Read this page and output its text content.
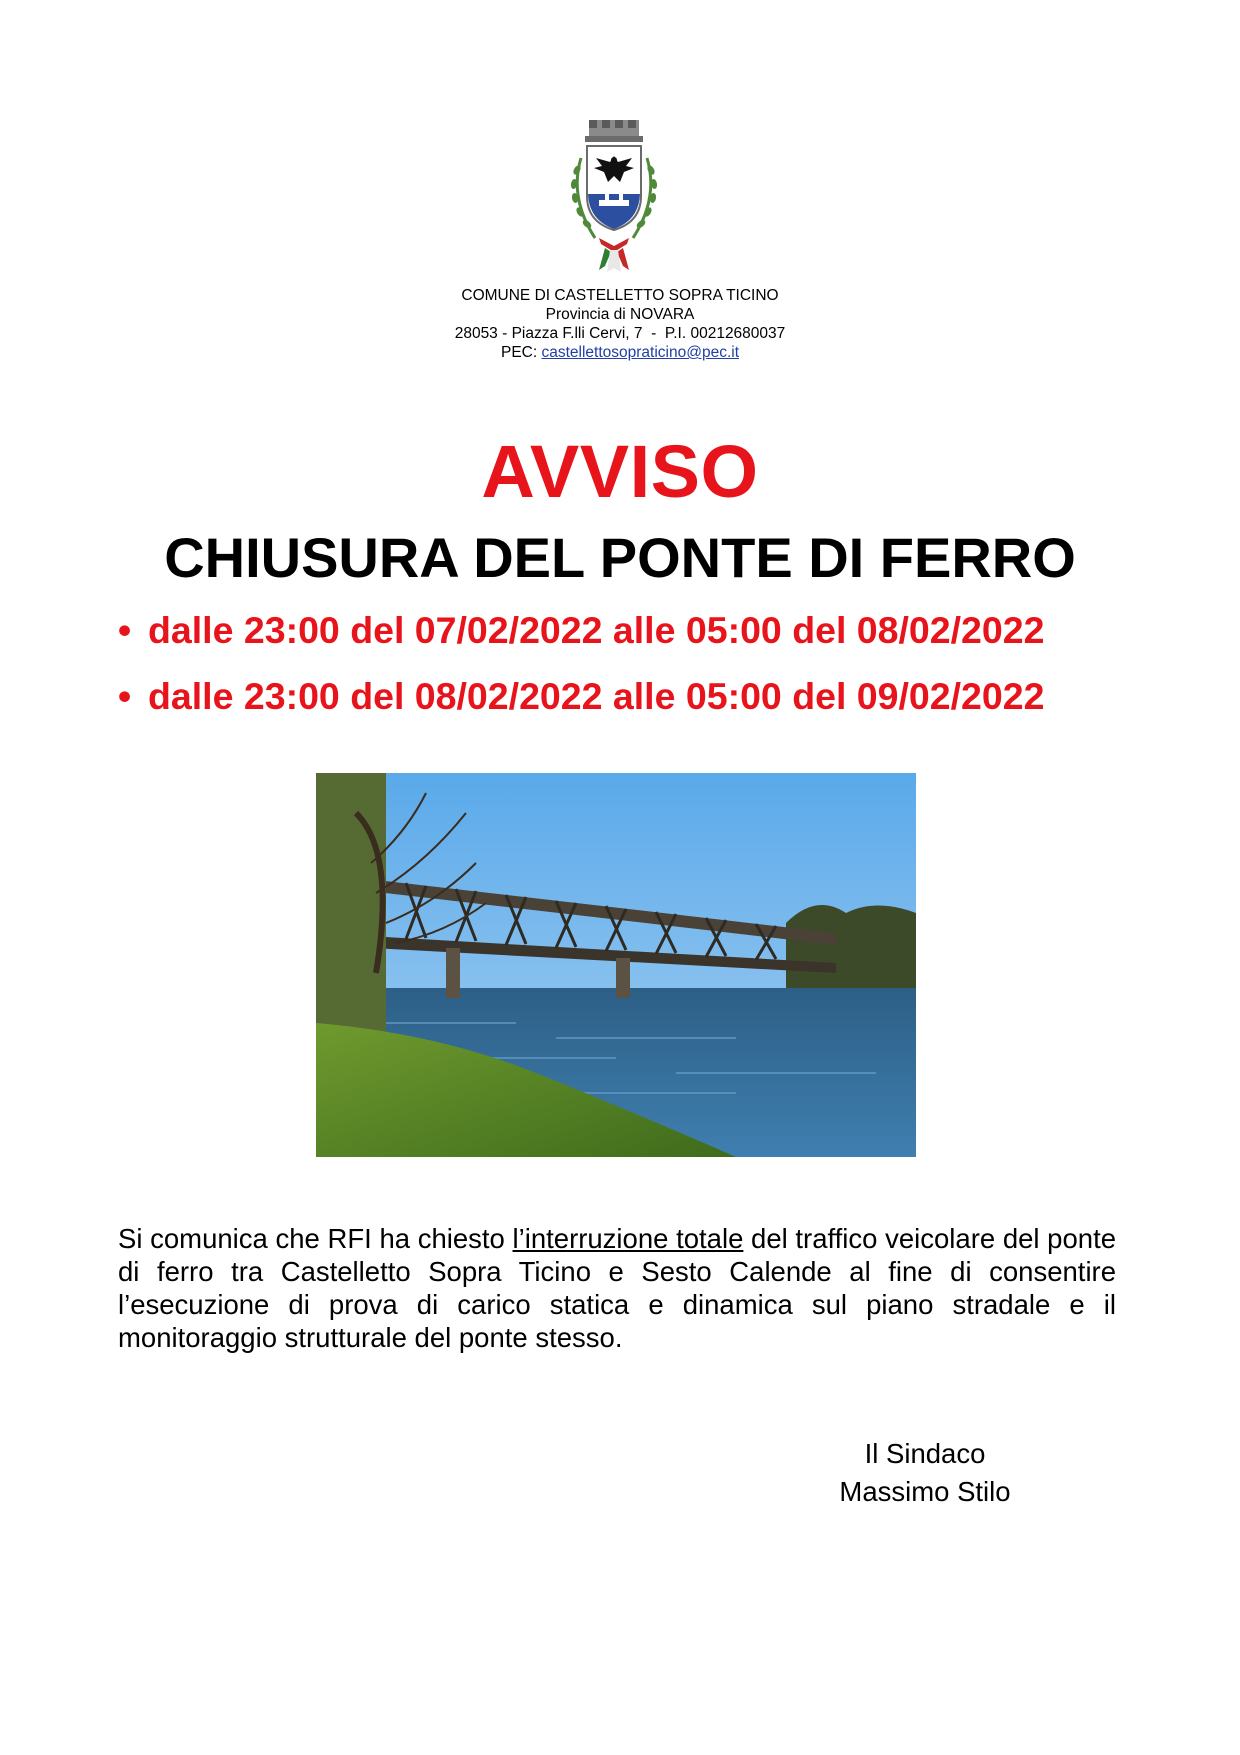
COMUNE DI CASTELLETTO SOPRA TICINO
Provincia di NOVARA
28053 - Piazza F.lli Cervi, 7  -  P.I. 00212680037
PEC: castellettosopraticino@pec.it
AVVISO
CHIUSURA DEL PONTE DI FERRO
• dalle 23:00 del 07/02/2022 alle 05:00 del 08/02/2022
• dalle 23:00 del 08/02/2022 alle 05:00 del 09/02/2022
Si comunica che RFI ha chiesto l’interruzione totale del traffico veicolare del ponte di ferro tra Castelletto Sopra Ticino e Sesto Calende al fine di consentire l’esecuzione di prova di carico statica e dinamica sul piano stradale e il monitoraggio strutturale del ponte stesso.
Il Sindaco
Massimo Stilo
